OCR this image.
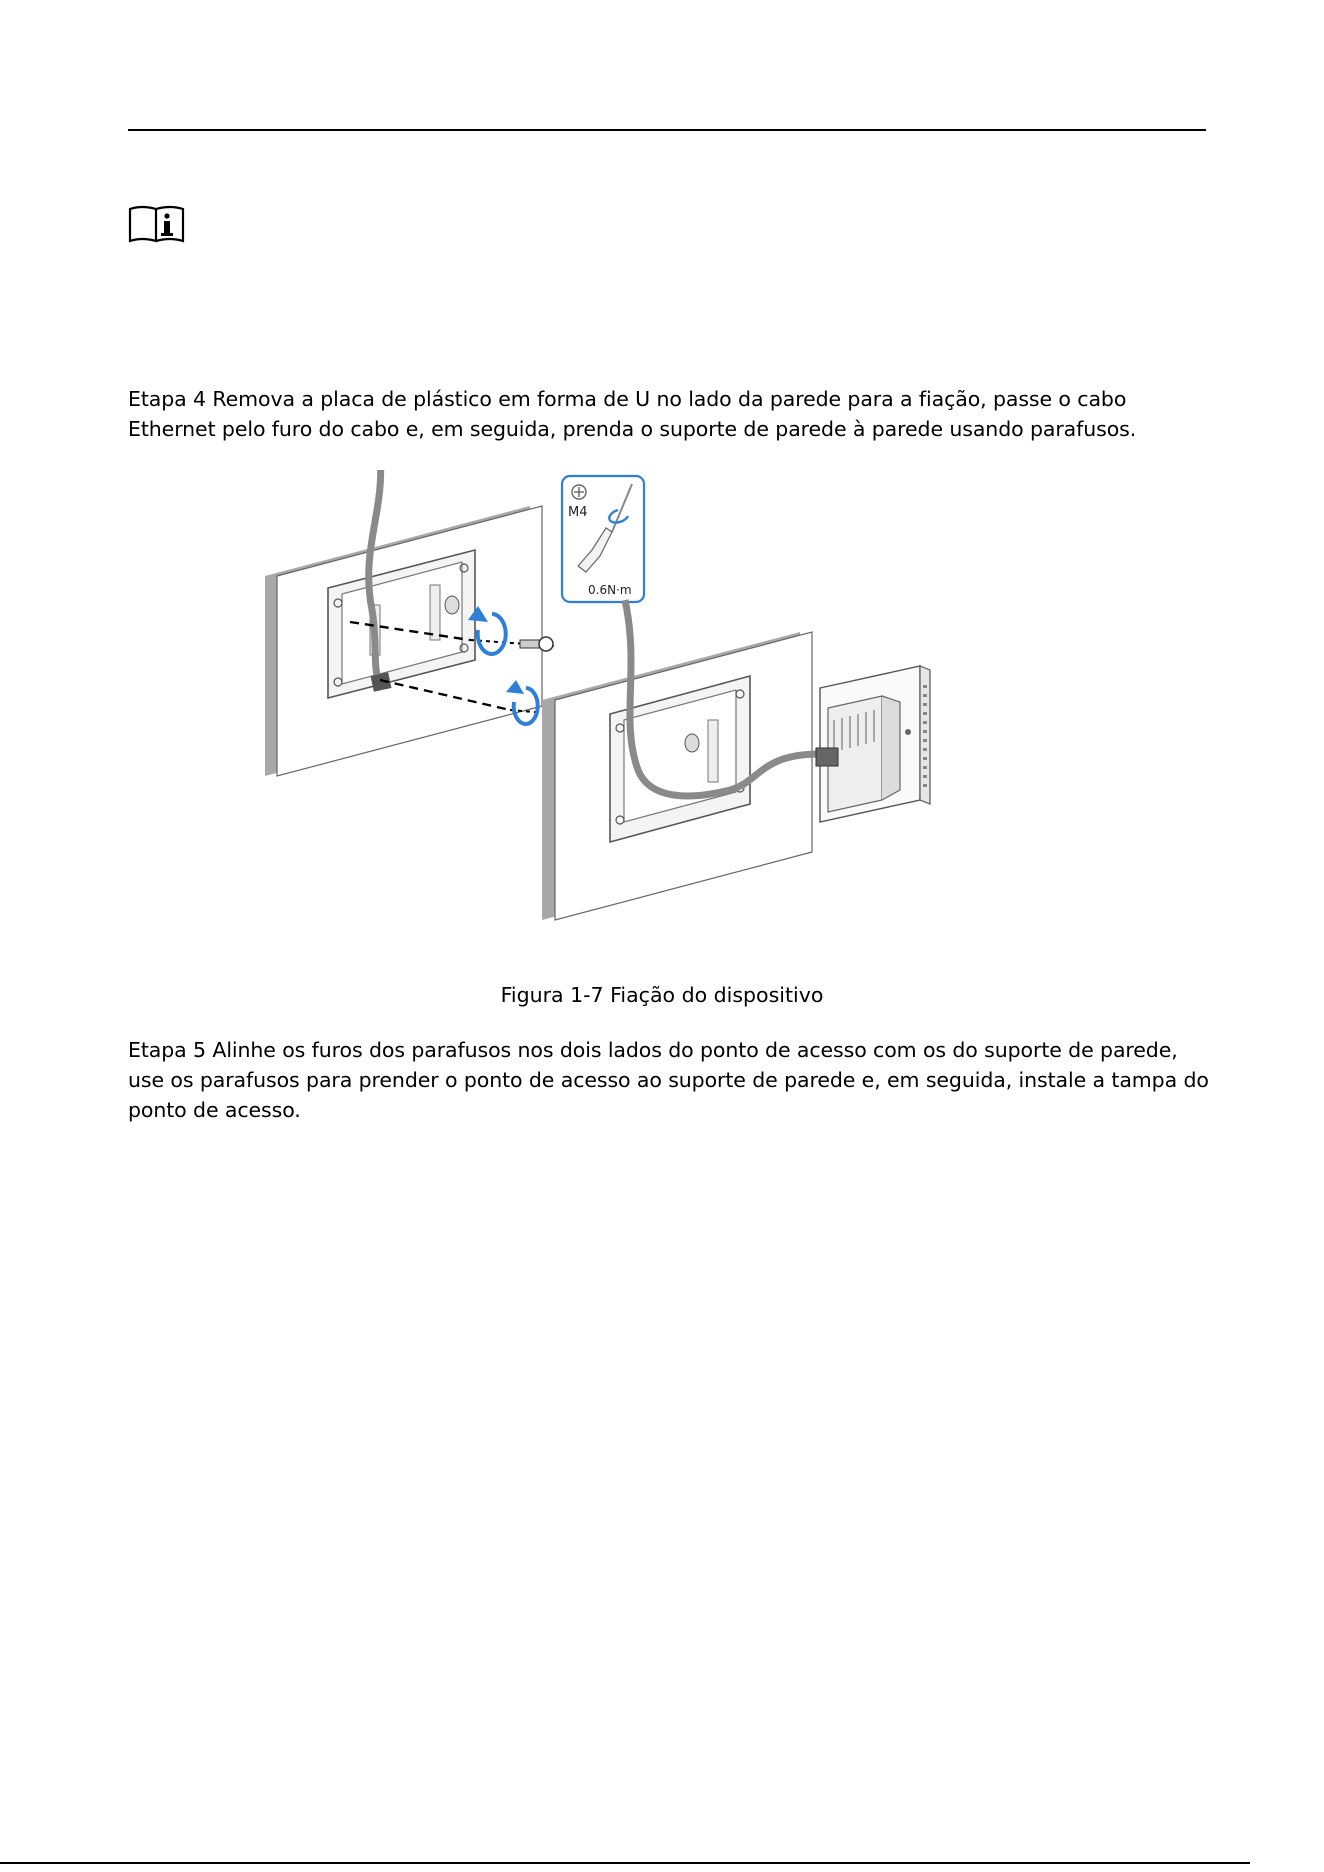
Etapa 4 Remova a placa de plástico em forma de U no lado da parede para a fiação, passe o cabo Ethernet pelo furo do cabo e, em seguida, prenda o suporte de parede à parede usando parafusos.
M4
0.6N·m
Figura 1-7 Fiação do dispositivo
Etapa 5 Alinhe os furos dos parafusos nos dois lados do ponto de acesso com os do suporte de parede, use os parafusos para prender o ponto de acesso ao suporte de parede e, em seguida, instale a tampa do ponto de acesso.
